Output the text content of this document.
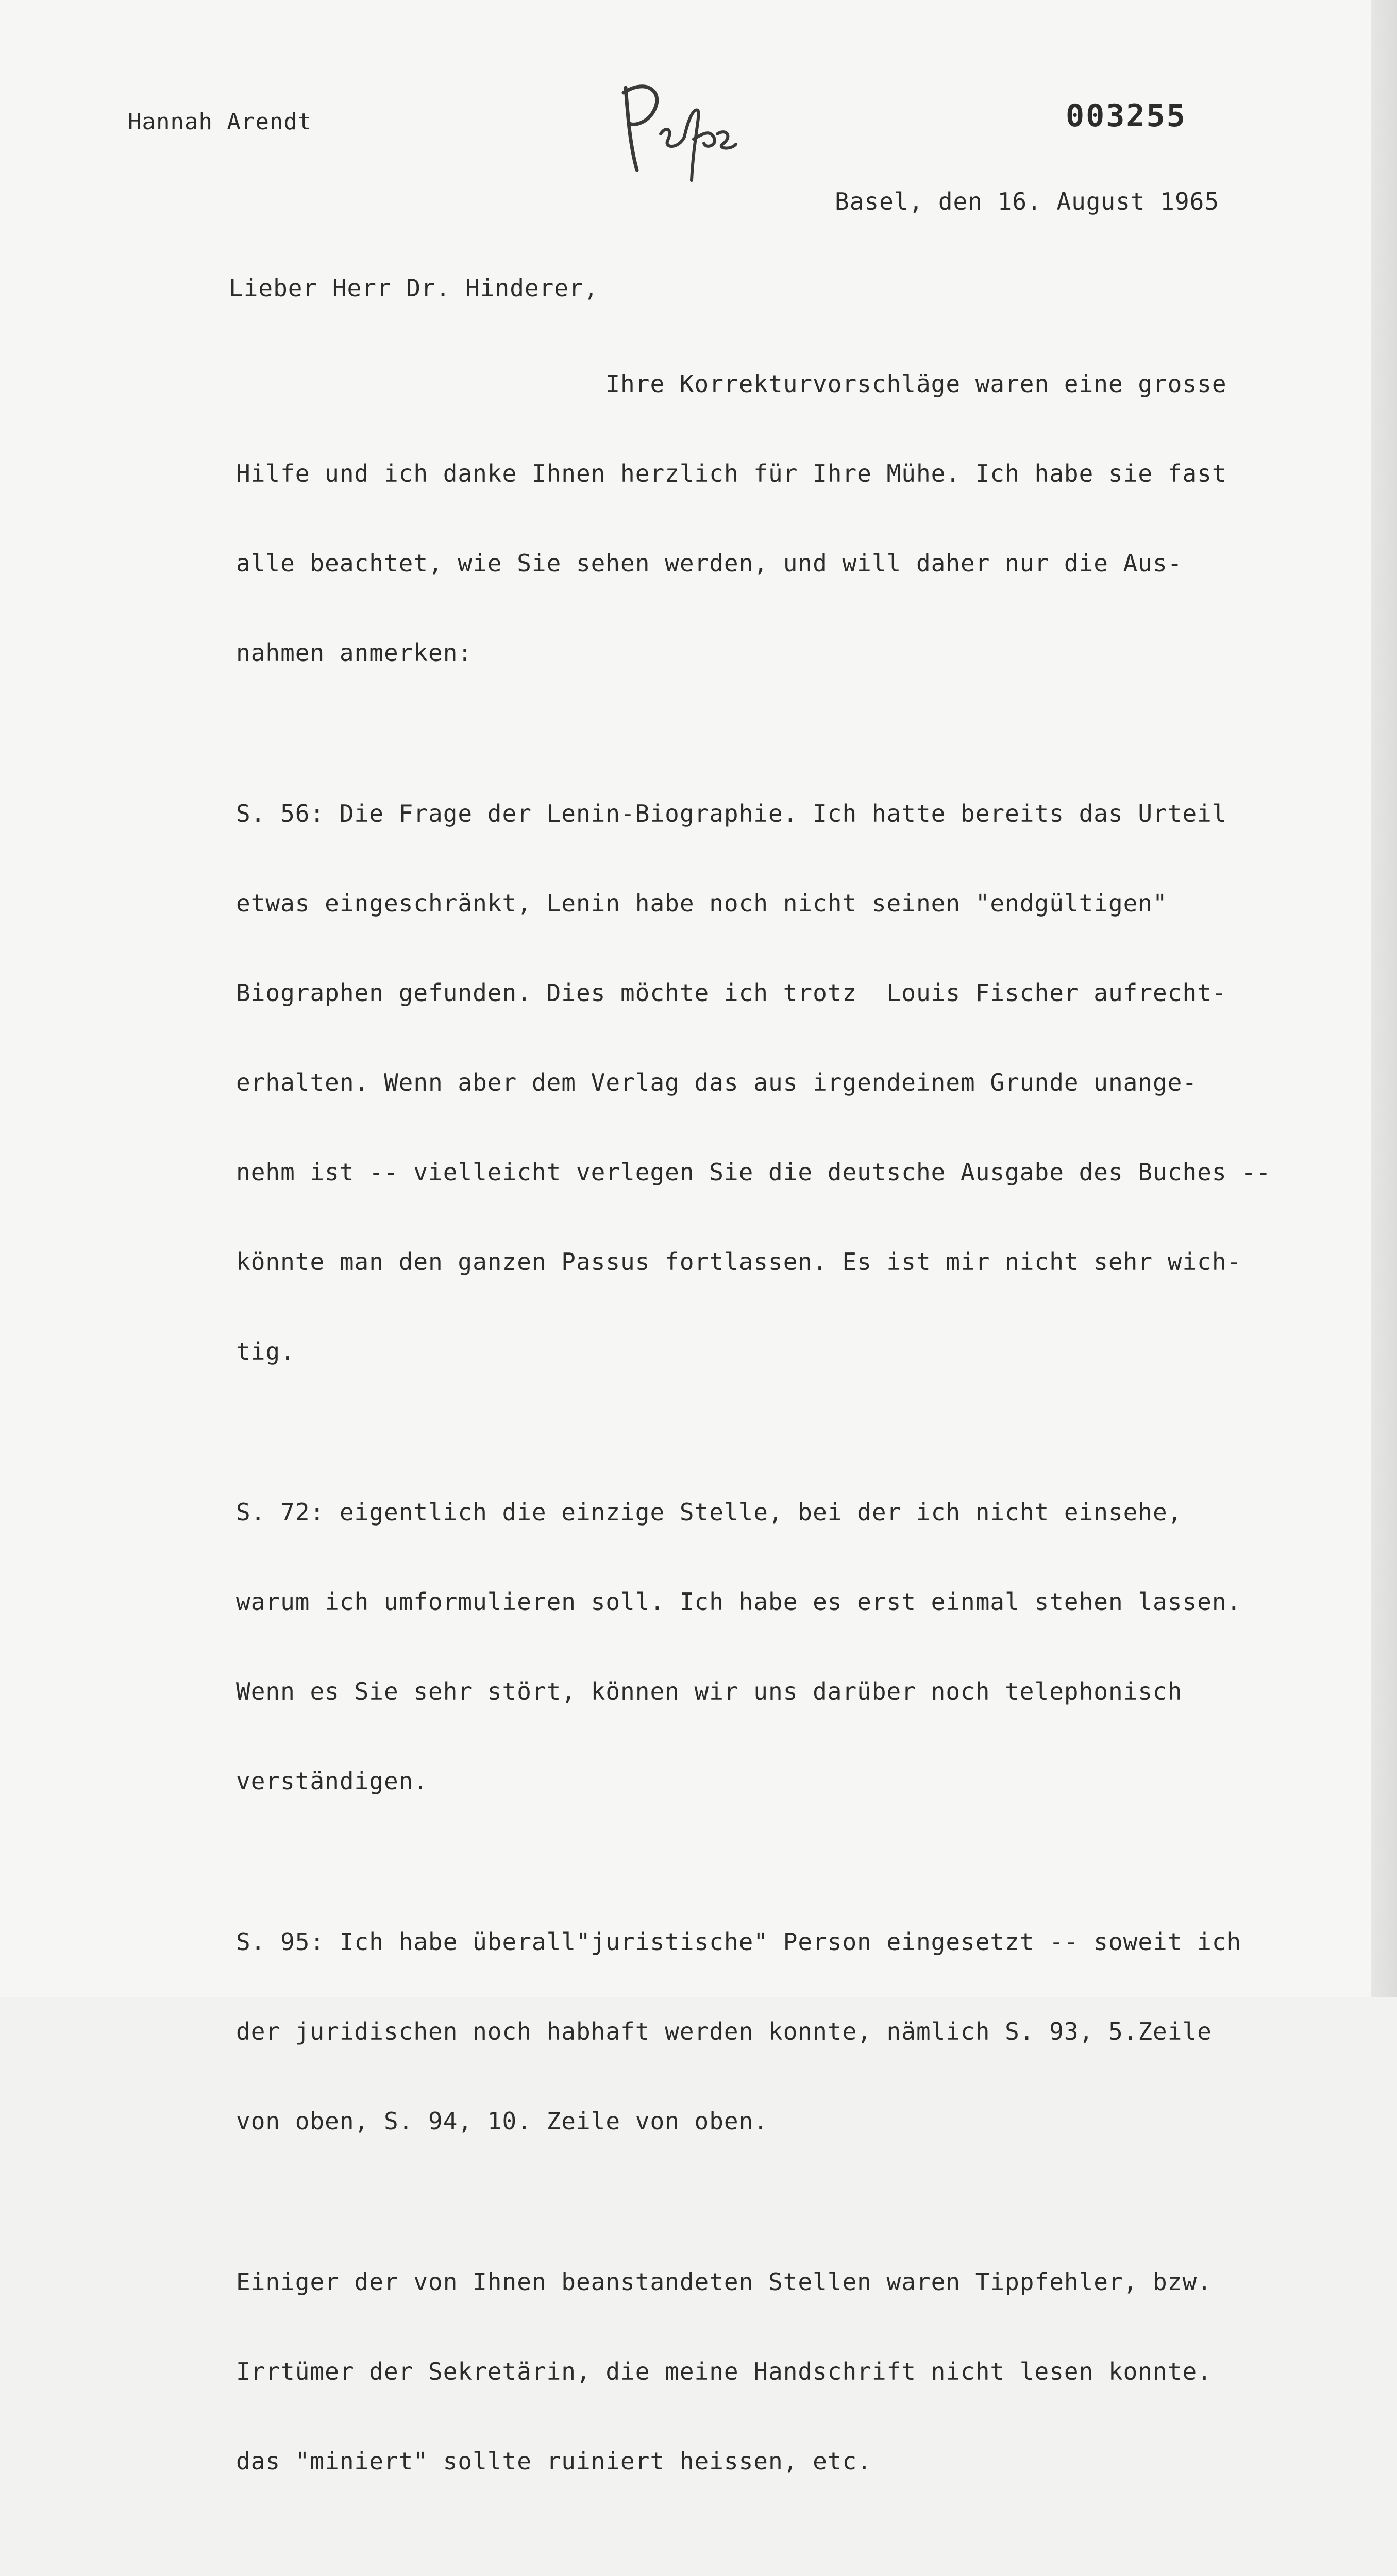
Hannah Arendt	003255
Basel, den 16. August 1965
Lieber Herr Dr. Hinderer,

Ihre Korrekturvorschläge waren eine grosse

Hilfe und ich danke Ihnen herzlich für Ihre Mühe. Ich habe sie fast

alle beachtet, wie Sie sehen werden, und will daher nur die Aus-

nahmen anmerken:

S. 56: Die Frage der Lenin-Biographie. Ich hatte bereits das Urteil

etwas eingeschränkt, Lenin habe noch nicht seinen "endgültigen"

Biographen gefunden. Dies möchte ich trotz  Louis Fischer aufrecht-

erhalten. Wenn aber dem Verlag das aus irgendeinem Grunde unange-

nehm ist -- vielleicht verlegen Sie die deutsche Ausgabe des Buches --

könnte man den ganzen Passus fortlassen. Es ist mir nicht sehr wich-

tig.

S. 72: eigentlich die einzige Stelle, bei der ich nicht einsehe,

warum ich umformulieren soll. Ich habe es erst einmal stehen lassen.

Wenn es Sie sehr stört, können wir uns darüber noch telephonisch

verständigen.

S. 95: Ich habe überall"juristische" Person eingesetzt -- soweit ich

der juridischen noch habhaft werden konnte, nämlich S. 93, 5.Zeile

von oben, S. 94, 10. Zeile von oben.

Einiger der von Ihnen beanstandeten Stellen waren Tippfehler, bzw.

Irrtümer der Sekretärin, die meine Handschrift nicht lesen konnte.

das "miniert" sollte ruiniert heissen, etc.
